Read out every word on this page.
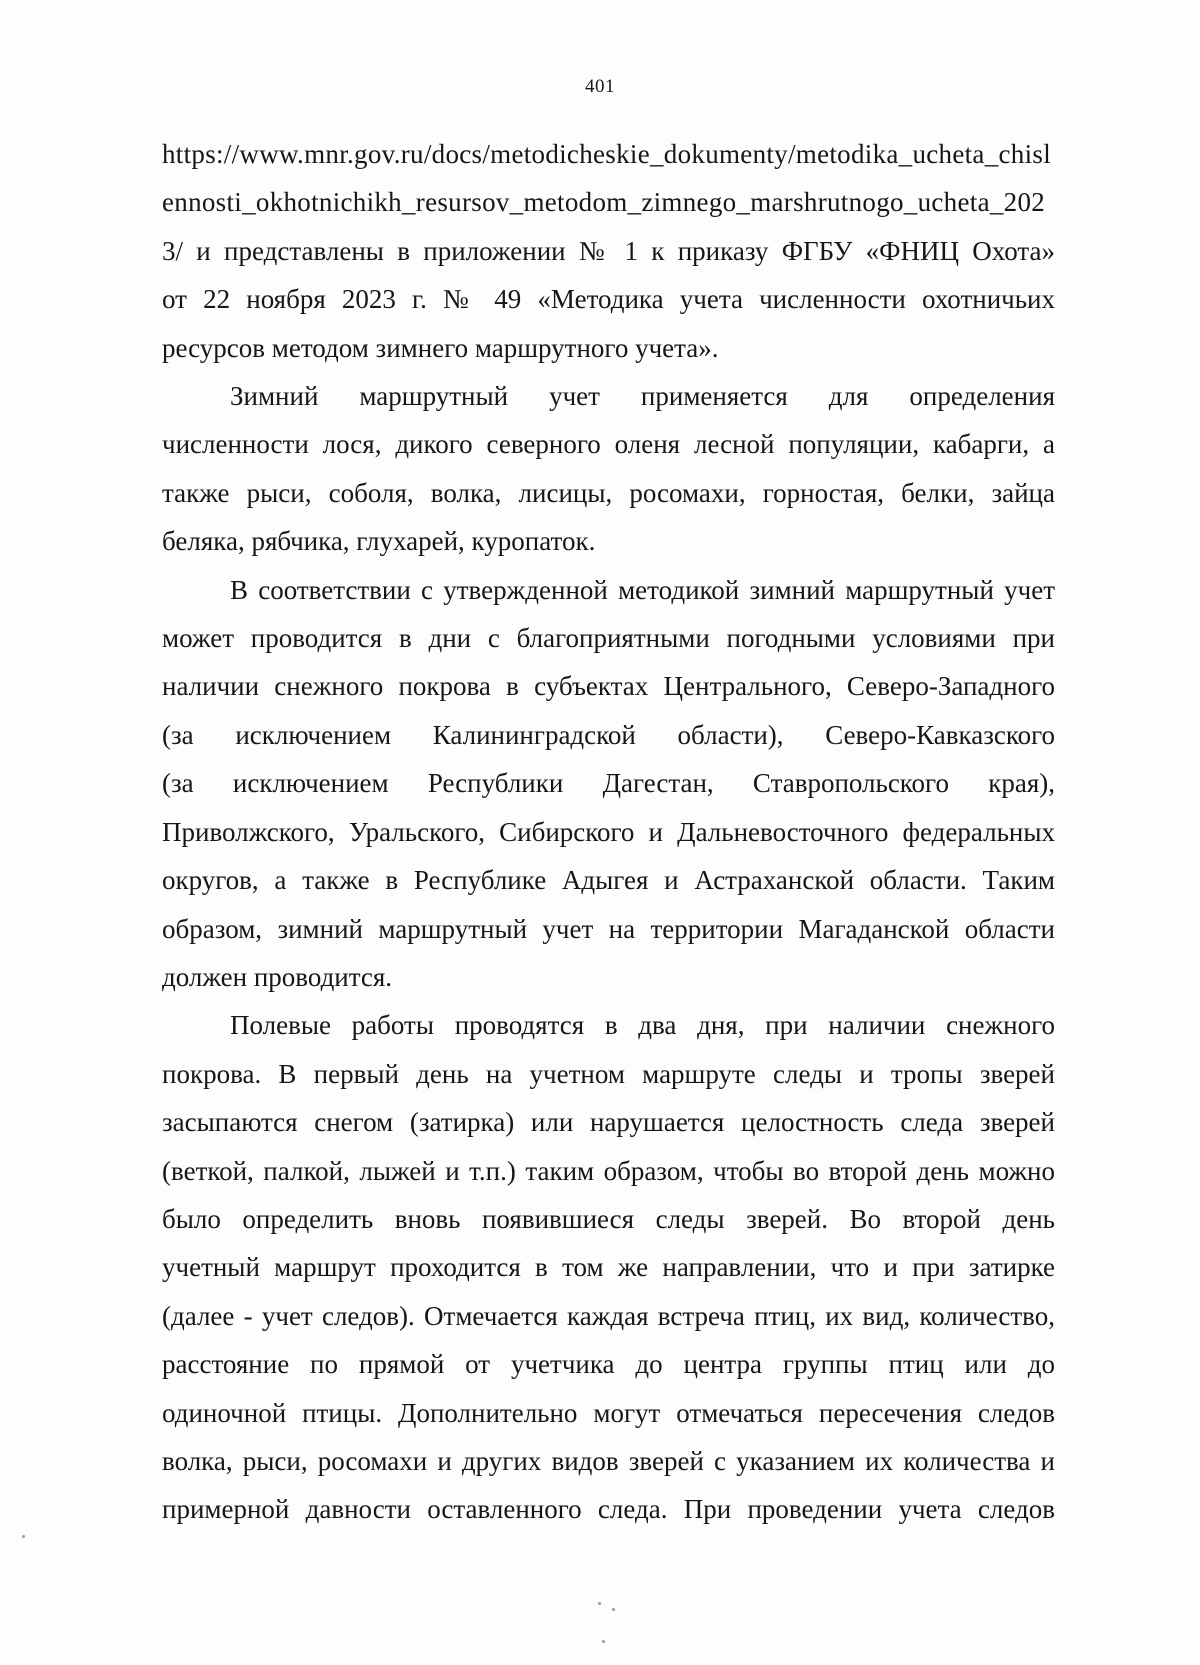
401
https://www.mnr.gov.ru/docs/metodicheskie_dokumenty/metodika_ucheta_chisl
ennosti_okhotnichikh_resursov_metodom_zimnego_marshrutnogo_ucheta_202
3/ и представлены в приложении № 1 к приказу ФГБУ «ФНИЦ Охота»
от 22 ноября 2023 г. № 49 «Методика учета численности охотничьих
ресурсов методом зимнего маршрутного учета».
Зимний маршрутный учет применяется для определения
численности лося, дикого северного оленя лесной популяции, кабарги, а
также рыси, соболя, волка, лисицы, росомахи, горностая, белки, зайца
беляка, рябчика, глухарей, куропаток.
В соответствии с утвержденной методикой зимний маршрутный учет
может проводится в дни с благоприятными погодными условиями при
наличии снежного покрова в субъектах Центрального, Северо-Западного
(за исключением Калининградской области), Северо-Кавказского
(за исключением Республики Дагестан, Ставропольского края),
Приволжского, Уральского, Сибирского и Дальневосточного федеральных
округов, а также в Республике Адыгея и Астраханской области. Таким
образом, зимний маршрутный учет на территории Магаданской области
должен проводится.
Полевые работы проводятся в два дня, при наличии снежного
покрова. В первый день на учетном маршруте следы и тропы зверей
засыпаются снегом (затирка) или нарушается целостность следа зверей
(веткой, палкой, лыжей и т.п.) таким образом, чтобы во второй день можно
было определить вновь появившиеся следы зверей. Во второй день
учетный маршрут проходится в том же направлении, что и при затирке
(далее - учет следов). Отмечается каждая встреча птиц, их вид, количество,
расстояние по прямой от учетчика до центра группы птиц или до
одиночной птицы. Дополнительно могут отмечаться пересечения следов
волка, рыси, росомахи и других видов зверей с указанием их количества и
примерной давности оставленного следа. При проведении учета следов
